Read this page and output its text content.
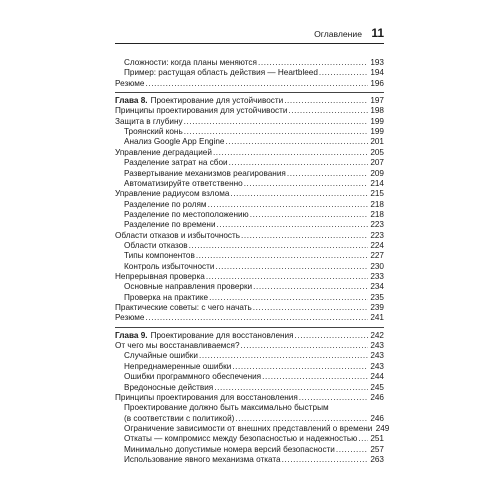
Оглавление 11
Сложности: когда планы меняются .....	193
Пример: растущая область действия — Heartbleed .....	194
Резюме .....	196
Глава 8. Проектирование для устойчивости .....	197
Принципы проектирования для устойчивости .....	198
Защита в глубину .....	199
Троянский конь .....	199
Анализ Google App Engine .....	201
Управление деградацией .....	205
Разделение затрат на сбои .....	207
Развертывание механизмов реагирования .....	209
Автоматизируйте ответственно .....	214
Управление радиусом взлома .....	215
Разделение по ролям .....	218
Разделение по местоположению .....	218
Разделение по времени .....	223
Области отказов и избыточность .....	223
Области отказов .....	224
Типы компонентов .....	227
Контроль избыточности .....	230
Непрерывная проверка .....	233
Основные направления проверки .....	234
Проверка на практике .....	235
Практические советы: с чего начать .....	239
Резюме .....	241
Глава 9. Проектирование для восстановления .....	242
От чего мы восстанавливаемся? .....	243
Случайные ошибки .....	243
Непреднамеренные ошибки .....	243
Ошибки программного обеспечения .....	244
Вредоносные действия .....	245
Принципы проектирования для восстановления .....	246
Проектирование должно быть максимально быстрым
(в соответствии с политикой) .....	246
Ограничение зависимости от внешних представлений о времени 249
Откаты — компромисс между безопасностью и надежностью ..... 251
Минимально допустимые номера версий безопасности .....	257
Использование явного механизма отката .....	263
